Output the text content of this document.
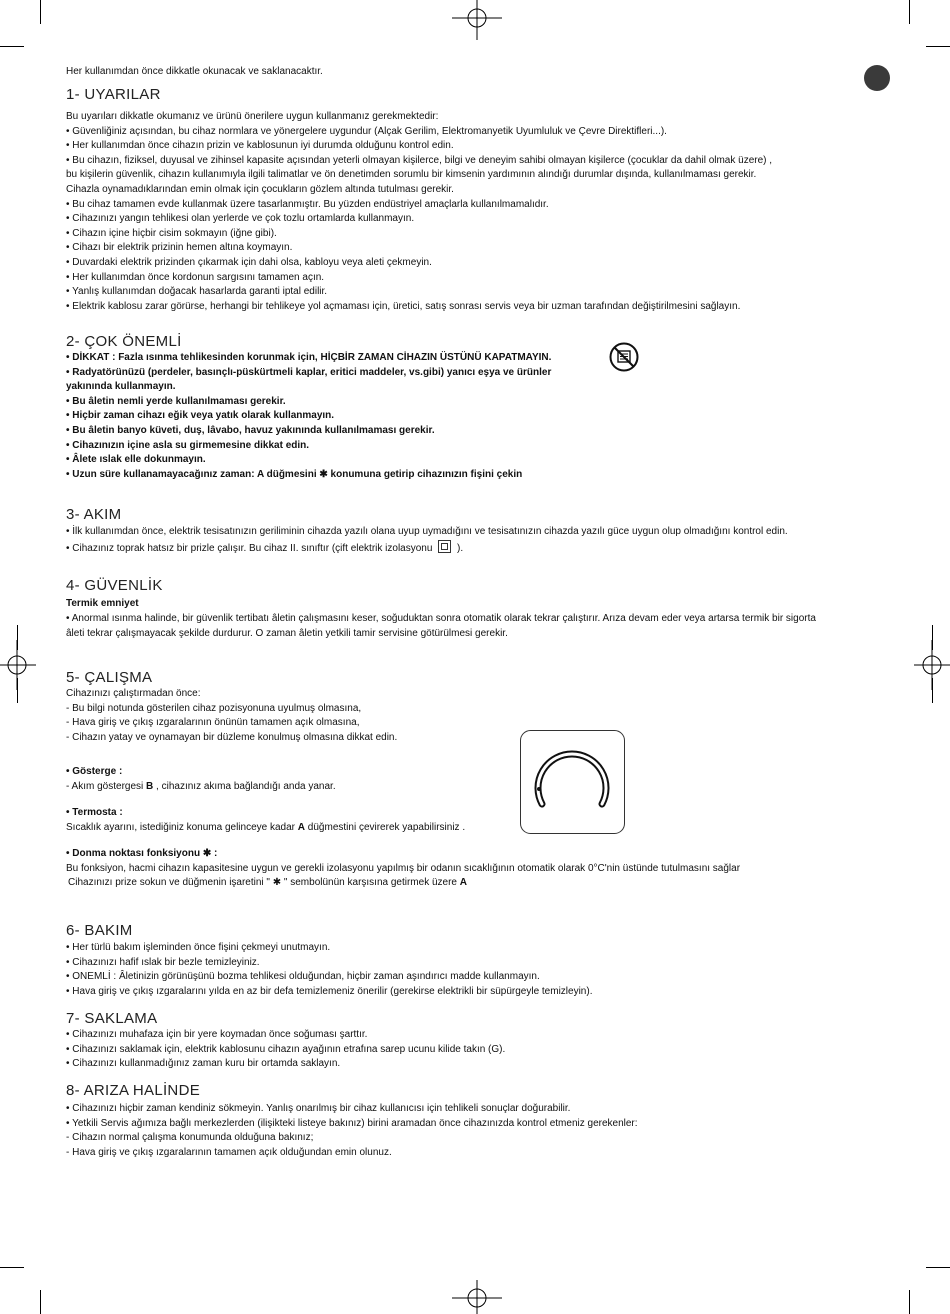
Her kullanımdan önce dikkatle okunacak ve saklanacaktır.
1- UYARILAR
Bu uyarıları dikkatle okumanız ve ürünü önerilere uygun kullanmanız gerekmektedir:
• Güvenliğiniz açısından, bu cihaz normlara ve yönergelere uygundur (Alçak Gerilim, Elektromanyetik Uyumluluk ve Çevre Direktifleri...).
• Her kullanımdan önce cihazın prizin ve kablosunun iyi durumda olduğunu kontrol edin.
• Bu cihazın, fiziksel, duyusal ve zihinsel kapasite açısından yeterli olmayan kişilerce, bilgi ve deneyim sahibi olmayan kişilerce (çocuklar da dahil olmak üzere) ,
bu kişilerin güvenlik, cihazın kullanımıyla ilgili talimatlar ve ön denetimden sorumlu bir kimsenin yardımının alındığı durumlar dışında, kullanılmaması gerekir.
Cihazla oynamadıklarından emin olmak için çocukların gözlem altında tutulması gerekir.
• Bu cihaz tamamen evde kullanmak üzere tasarlanmıştır. Bu yüzden endüstriyel amaçlarla kullanılmamalıdır.
• Cihazınızı yangın tehlikesi olan yerlerde ve çok tozlu ortamlarda kullanmayın.
• Cihazın içine hiçbir cisim sokmayın (iğne gibi).
• Cihazı bir elektrik prizinin hemen altına koymayın.
• Duvardaki elektrik prizinden çıkarmak için dahi olsa, kabloyu veya aleti çekmeyin.
• Her kullanımdan önce kordonun sargısını tamamen açın.
• Yanlış kullanımdan doğacak hasarlarda garanti iptal edilir.
• Elektrik kablosu zarar görürse, herhangi bir tehlikeye yol açmaması için, üretici, satış sonrası servis veya bir uzman tarafından değiştirilmesini sağlayın.
2- ÇOK ÖNEMLİ
• DİKKAT : Fazla ısınma tehlikesinden korunmak için, HİÇBİR ZAMAN CİHAZIN ÜSTÜNÜ KAPATMAYIN.
• Radyatörünüzü (perdeler, basınçlı-püskürtmeli kaplar, eritici maddeler, vs.gibi) yanıcı eşya ve ürünler
yakınında kullanmayın.
• Bu âletin nemli yerde kullanılmaması gerekir.
• Hiçbir zaman cihazı eğik veya yatık olarak kullanmayın.
• Bu âletin banyo küveti, duş, lâvabo, havuz yakınında kullanılmaması gerekir.
• Cihazınızın içine asla su girmemesine dikkat edin.
• Âlete ıslak elle dokunmayın.
• Uzun süre kullanamayacağınız zaman: A düğmesini ✱ konumuna getirip cihazınızın fişini çekin
3- AKIM
• İlk kullanımdan önce, elektrik tesisatınızın geriliminin cihazda yazılı olana uyup uymadığını ve tesisatınızın cihazda yazılı güce uygun olup olmadığını kontrol edin.
• Cihazınız toprak hatsız bir prizle çalışır. Bu cihaz II. sınıftır (çift elektrik izolasyonu ).
4- GÜVENLİK
Termik emniyet
• Anormal ısınma halinde, bir güvenlik tertibatı âletin çalışmasını keser, soğuduktan sonra otomatik olarak tekrar çalıştırır. Arıza devam eder veya artarsa termik bir sigorta
âleti tekrar çalışmayacak şekilde durdurur. O zaman âletin yetkili tamir servisine götürülmesi gerekir.
5- ÇALIŞMA
Cihazınızı çalıştırmadan önce:
- Bu bilgi notunda gösterilen cihaz pozisyonuna uyulmuş olmasına,
- Hava giriş ve çıkış ızgaralarının önünün tamamen açık olmasına,
- Cihazın yatay ve oynamayan bir düzleme konulmuş olmasına dikkat edin.
• Gösterge :
- Akım göstergesi B , cihazınız akıma bağlandığı anda yanar.
• Termosta :
Sıcaklık ayarını, istediğiniz konuma gelinceye kadar A düğmestini çevirerek yapabilirsiniz .
• Donma noktası fonksiyonu ✱ :
Bu fonksiyon, hacmi cihazın kapasitesine uygun ve gerekli izolasyonu yapılmış bir odanın sıcaklığının otomatik olarak 0°C'nin üstünde tutulmasını sağlar
Cihazınızı prize sokun ve düğmenin işaretini " ✱ " sembolünün karşısına getirmek üzere A
6- BAKIM
• Her türlü bakım işleminden önce fişini çekmeyi unutmayın.
• Cihazınızı hafif ıslak bir bezle temizleyiniz.
• ONEMLİ : Âletinizin görünüşünü bozma tehlikesi olduğundan, hiçbir zaman aşındırıcı madde kullanmayın.
• Hava giriş ve çıkış ızgaralarını yılda en az bir defa temizlemeniz önerilir (gerekirse elektrikli bir süpürgeyle temizleyin).
7- SAKLAMA
• Cihazınızı muhafaza için bir yere koymadan önce soğuması şarttır.
• Cihazınızı saklamak için, elektrik kablosunu cihazın ayağının etrafına sarep ucunu kilide takın (G).
• Cihazınızı kullanmadığınız zaman kuru bir ortamda saklayın.
8- ARIZA HALİNDE
• Cihazınızı hiçbir zaman kendiniz sökmeyin. Yanlış onarılmış bir cihaz kullanıcısı için tehlikeli sonuçlar doğurabilir.
• Yetkili Servis ağımıza bağlı merkezlerden (ilişikteki listeye bakınız) birini aramadan önce cihazınızda kontrol etmeniz gerekenler:
- Cihazın normal çalışma konumunda olduğuna bakınız;
- Hava giriş ve çıkış ızgaralarının tamamen açık olduğundan emin olunuz.
